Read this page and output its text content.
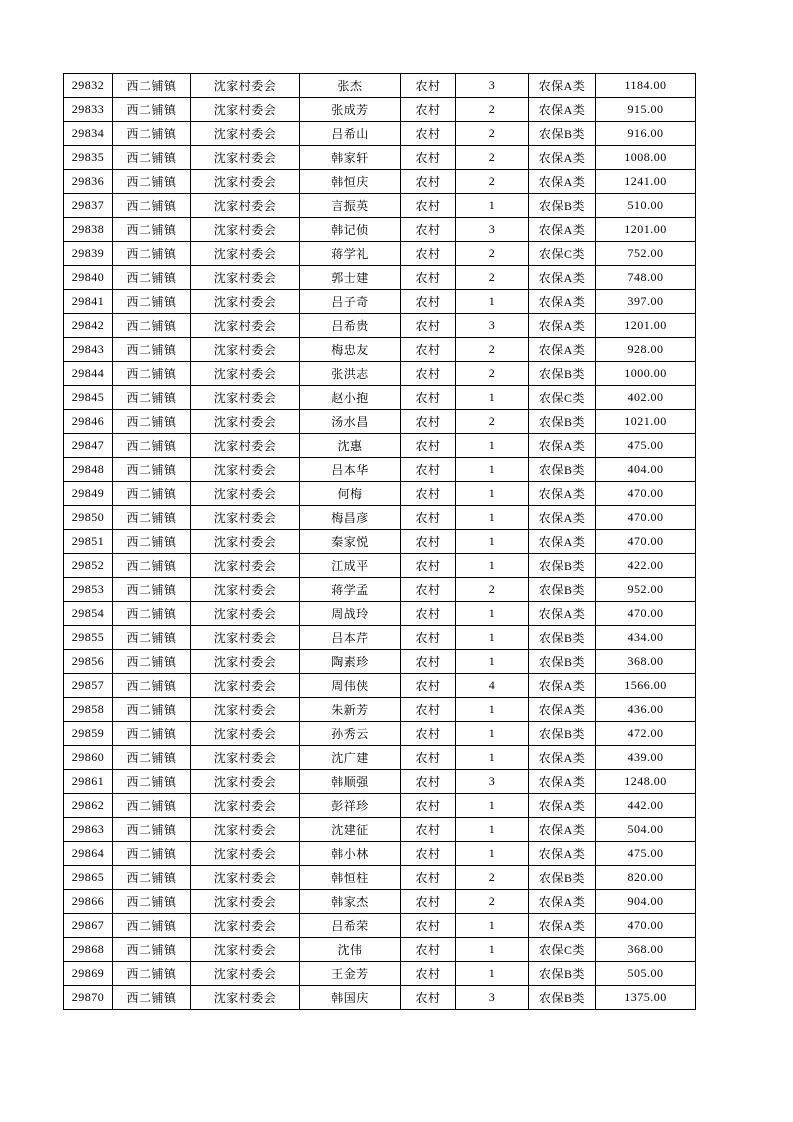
29832	西二铺镇	沈家村委会	张杰	农村	3	农保A类	1184.00
29833	西二铺镇	沈家村委会	张成芳	农村	2	农保A类	915.00
29834	西二铺镇	沈家村委会	吕希山	农村	2	农保B类	916.00
29835	西二铺镇	沈家村委会	韩家轩	农村	2	农保A类	1008.00
29836	西二铺镇	沈家村委会	韩恒庆	农村	2	农保A类	1241.00
29837	西二铺镇	沈家村委会	言振英	农村	1	农保B类	510.00
29838	西二铺镇	沈家村委会	韩记侦	农村	3	农保A类	1201.00
29839	西二铺镇	沈家村委会	蒋学礼	农村	2	农保C类	752.00
29840	西二铺镇	沈家村委会	郭士建	农村	2	农保A类	748.00
29841	西二铺镇	沈家村委会	吕子奇	农村	1	农保A类	397.00
29842	西二铺镇	沈家村委会	吕希贵	农村	3	农保A类	1201.00
29843	西二铺镇	沈家村委会	梅忠友	农村	2	农保A类	928.00
29844	西二铺镇	沈家村委会	张洪志	农村	2	农保B类	1000.00
29845	西二铺镇	沈家村委会	赵小抱	农村	1	农保C类	402.00
29846	西二铺镇	沈家村委会	汤水昌	农村	2	农保B类	1021.00
29847	西二铺镇	沈家村委会	沈惠	农村	1	农保A类	475.00
29848	西二铺镇	沈家村委会	吕本华	农村	1	农保B类	404.00
29849	西二铺镇	沈家村委会	何梅	农村	1	农保A类	470.00
29850	西二铺镇	沈家村委会	梅昌彦	农村	1	农保A类	470.00
29851	西二铺镇	沈家村委会	秦家悦	农村	1	农保A类	470.00
29852	西二铺镇	沈家村委会	江成平	农村	1	农保B类	422.00
29853	西二铺镇	沈家村委会	蒋学孟	农村	2	农保B类	952.00
29854	西二铺镇	沈家村委会	周战玲	农村	1	农保A类	470.00
29855	西二铺镇	沈家村委会	吕本芹	农村	1	农保B类	434.00
29856	西二铺镇	沈家村委会	陶素珍	农村	1	农保B类	368.00
29857	西二铺镇	沈家村委会	周伟侠	农村	4	农保A类	1566.00
29858	西二铺镇	沈家村委会	朱新芳	农村	1	农保A类	436.00
29859	西二铺镇	沈家村委会	孙秀云	农村	1	农保B类	472.00
29860	西二铺镇	沈家村委会	沈广建	农村	1	农保A类	439.00
29861	西二铺镇	沈家村委会	韩顺强	农村	3	农保A类	1248.00
29862	西二铺镇	沈家村委会	彭祥珍	农村	1	农保A类	442.00
29863	西二铺镇	沈家村委会	沈建征	农村	1	农保A类	504.00
29864	西二铺镇	沈家村委会	韩小林	农村	1	农保A类	475.00
29865	西二铺镇	沈家村委会	韩恒柱	农村	2	农保B类	820.00
29866	西二铺镇	沈家村委会	韩家杰	农村	2	农保A类	904.00
29867	西二铺镇	沈家村委会	吕希荣	农村	1	农保A类	470.00
29868	西二铺镇	沈家村委会	沈伟	农村	1	农保C类	368.00
29869	西二铺镇	沈家村委会	王金芳	农村	1	农保B类	505.00
29870	西二铺镇	沈家村委会	韩国庆	农村	3	农保B类	1375.00
